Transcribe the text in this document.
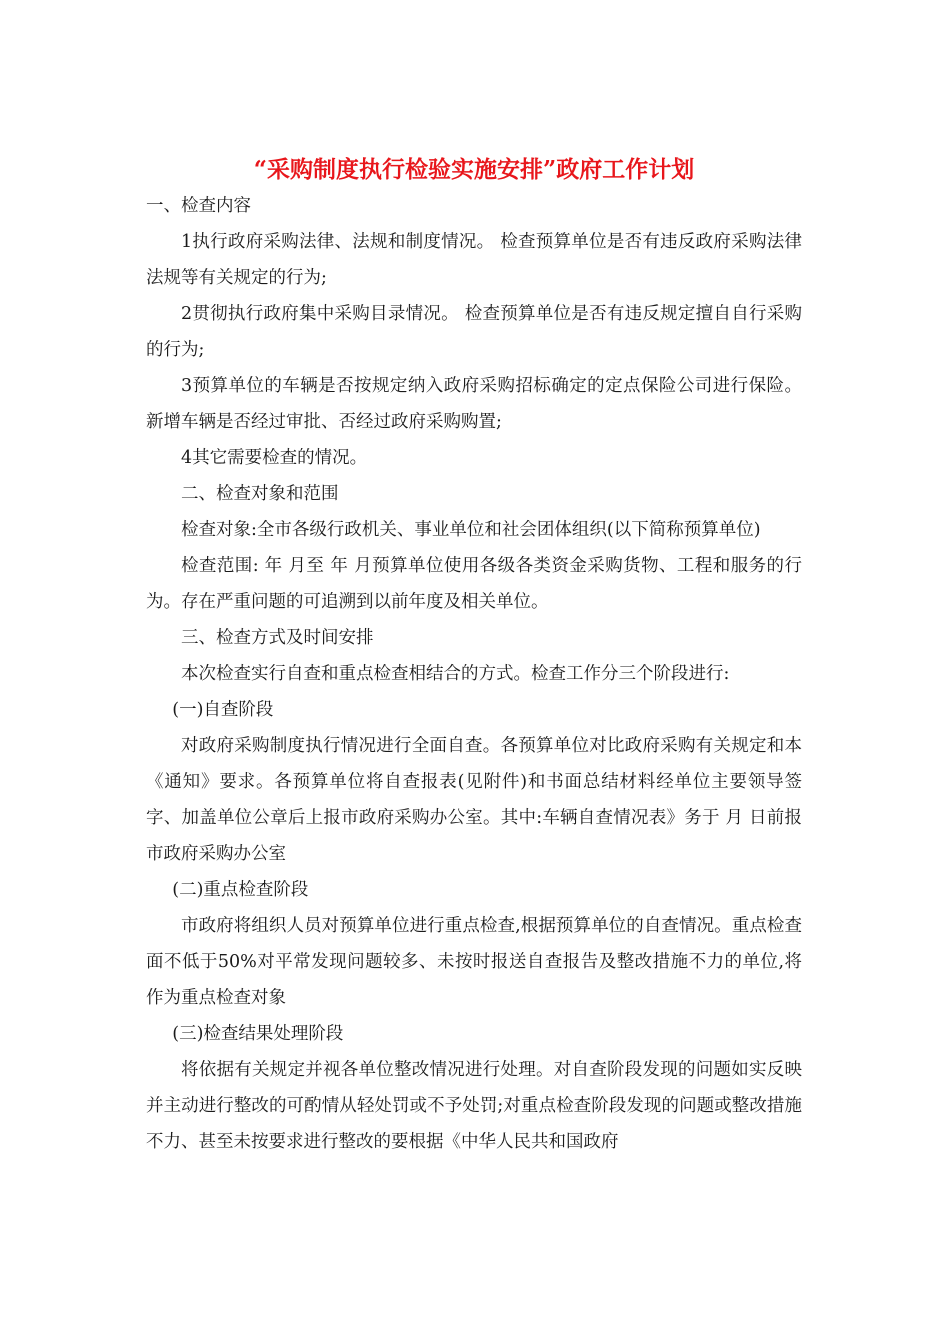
“采购制度执行检验实施安排”政府工作计划

一、检查内容

1执行政府采购法律、法规和制度情况。 检查预算单位是否有违反政府采购法律法规等有关规定的行为;

2贯彻执行政府集中采购目录情况。 检查预算单位是否有违反规定擅自自行采购的行为;

3预算单位的车辆是否按规定纳入政府采购招标确定的定点保险公司进行保险。新增车辆是否经过审批、否经过政府采购购置;

4其它需要检查的情况。

二、检查对象和范围

检查对象:全市各级行政机关、事业单位和社会团体组织(以下简称预算单位)

检查范围: 年 月至 年 月预算单位使用各级各类资金采购货物、工程和服务的行为。存在严重问题的可追溯到以前年度及相关单位。

三、检查方式及时间安排

本次检查实行自查和重点检查相结合的方式。检查工作分三个阶段进行:

(一)自查阶段

对政府采购制度执行情况进行全面自查。各预算单位对比政府采购有关规定和本《通知》要求。各预算单位将自查报表(见附件)和书面总结材料经单位主要领导签字、加盖单位公章后上报市政府采购办公室。其中:车辆自查情况表》务于 月 日前报市政府采购办公室

(二)重点检查阶段

市政府将组织人员对预算单位进行重点检查,根据预算单位的自查情况。重点检查面不低于50%对平常发现问题较多、未按时报送自查报告及整改措施不力的单位,将作为重点检查对象

(三)检查结果处理阶段

将依据有关规定并视各单位整改情况进行处理。对自查阶段发现的问题如实反映并主动进行整改的可酌情从轻处罚或不予处罚;对重点检查阶段发现的问题或整改措施不力、甚至未按要求进行整改的要根据《中华人民共和国政府
